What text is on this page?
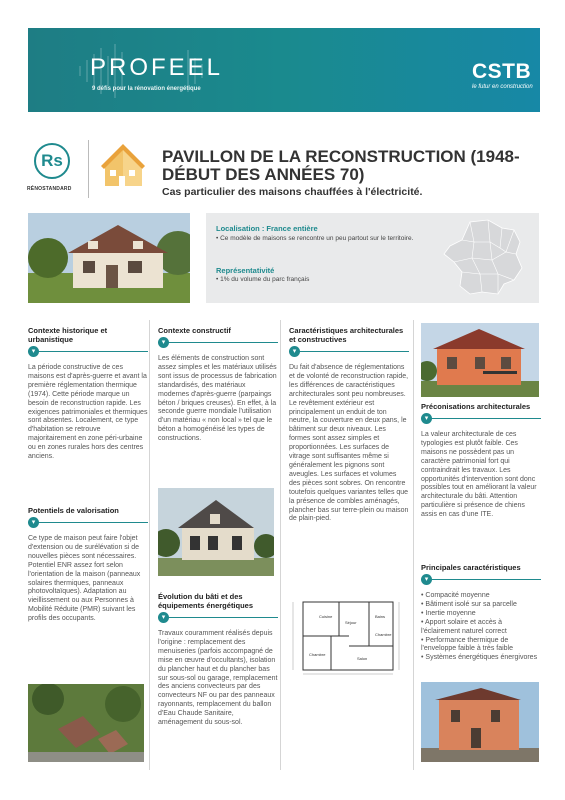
PROFEEL
9 défis pour la rénovation énergétique
CSTB
le futur en construction
Rs
RÉNOSTANDARD
PAVILLON DE LA RECONSTRUCTION (1948-DÉBUT DES ANNÉES 70)
Cas particulier des maisons chauffées à l'électricité.
Localisation : France entière
• Ce modèle de maisons se rencontre un peu partout sur le territoire.
Représentativité
• 1% du volume du parc français
Contexte historique et urbanistique
▾
La période constructive de ces maisons est d'après-guerre et avant la première réglementation thermique (1974). Cette période marque un besoin de reconstruction rapide. Les exigences patrimoniales et thermiques sont absentes. Localement, ce type d'habitation se retrouve majoritairement en zone péri-urbaine ou en zones rurales hors des centres anciens.
Potentiels de valorisation
▾
Ce type de maison peut faire l'objet d'extension ou de surélévation si de nouvelles pièces sont nécessaires. Potentiel ENR assez fort selon l'orientation de la maison (panneaux solaires thermiques, panneaux photovoltaïques). Adaptation au vieillissement ou aux Personnes à Mobilité Réduite (PMR) suivant les profils des occupants.
Contexte constructif
▾
Les éléments de construction sont assez simples et les matériaux utilisés sont issus de processus de fabrication standardisés, des matériaux modernes d'après-guerre (parpaings béton / briques creuses). En effet, à la seconde guerre mondiale l'utilisation d'un matériau « non local » tel que le béton a homogénéisé les types de constructions.
Évolution du bâti et des équipements énergétiques
▾
Travaux couramment réalisés depuis l'origine : remplacement des menuiseries (parfois accompagné de mise en œuvre d'occultants), isolation du plancher haut et du plancher bas sur sous-sol ou garage, remplacement des anciens convecteurs par des convecteurs NF ou par des panneaux rayonnants, remplacement du ballon d'Eau Chaude Sanitaire, aménagement du sous-sol.
Caractéristiques architecturales et constructives
▾
Du fait d'absence de réglementations et de volonté de reconstruction rapide, les différences de caractéristiques architecturales sont peu nombreuses. Le revêtement extérieur est principalement un enduit de ton neutre, la couverture en deux pans, le bâtiment sur deux niveaux. Les formes sont assez simples et proportionnées. Les surfaces de vitrage sont suffisantes même si généralement les pignons sont aveugles. Les surfaces et volumes des pièces sont sobres. On rencontre toutefois quelques variantes telles que la présence de combles aménagés, plancher bas sur terre-plein ou maison de plain-pied.
Cuisine
Séjour
Bains
Chambre
Salon
Chambre
Préconisations architecturales
▾
La valeur architecturale de ces typologies est plutôt faible. Ces maisons ne possèdent pas un caractère patrimonial fort qui contraindrait les travaux. Les opportunités d'intervention sont donc possibles tout en améliorant la valeur architecturale du bâti. Attention particulière si présence de chiens assis en cas d'une ITE.
Principales caractéristiques
▾
• Compacité moyenne
• Bâtiment isolé sur sa parcelle
• Inertie moyenne
• Apport solaire et accès à l'éclairement naturel correct
• Performance thermique de l'enveloppe faible à très faible
• Systèmes énergétiques énergivores
